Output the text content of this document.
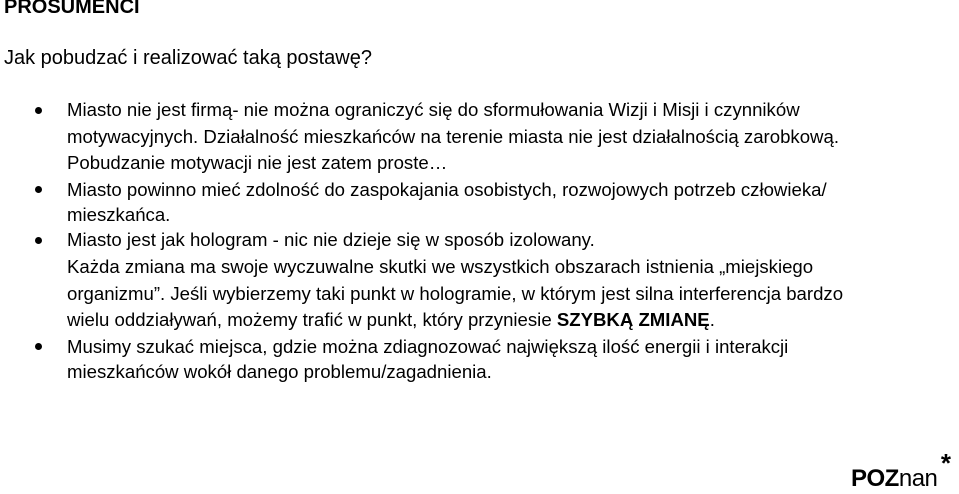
PROSUMENCI
Jak pobudzać i realizować taką postawę?
Miasto nie jest firmą- nie można ograniczyć się do sformułowania Wizji i Misji i czynników
motywacyjnych. Działalność mieszkańców na terenie miasta nie jest działalnością zarobkową.
Pobudzanie motywacji nie jest zatem proste…
Miasto powinno mieć zdolność do zaspokajania osobistych, rozwojowych potrzeb człowieka/
mieszkańca.
Miasto jest jak hologram - nic nie dzieje się w sposób izolowany.
Każda zmiana ma swoje wyczuwalne skutki we wszystkich obszarach istnienia „miejskiego
organizmu”. Jeśli wybierzemy taki punkt w hologramie, w którym jest silna interferencja bardzo
wielu oddziaływań, możemy trafić w punkt, który przyniesie SZYBKĄ ZMIANĘ.
Musimy szukać miejsca, gdzie można zdiagnozować największą ilość energii i interakcji
mieszkańców wokół danego problemu/zagadnienia.
POZnan
*
